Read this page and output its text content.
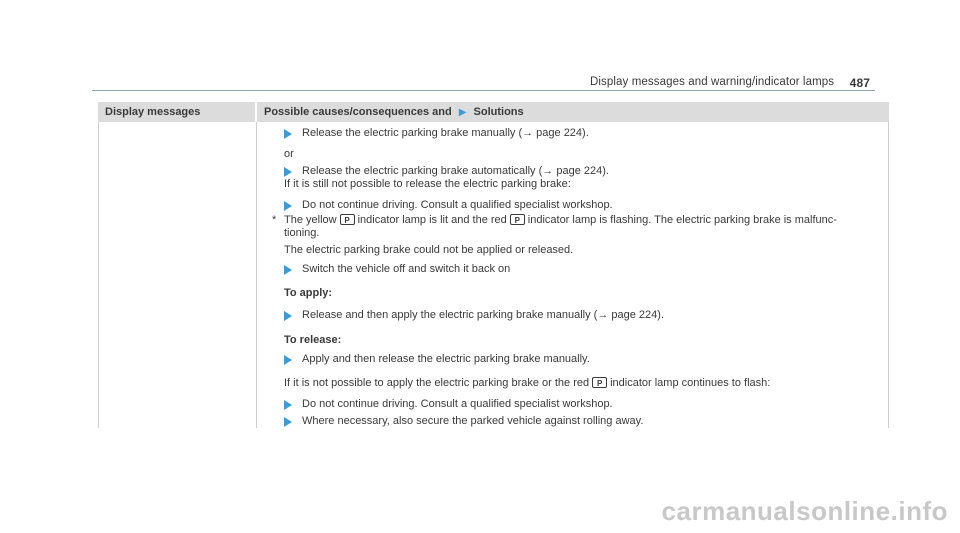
Display messages and warning/indicator lamps 487
Display messages	Possible causes/consequences and ▶ Solutions
Release the electric parking brake manually (→ page 224).
or
Release the electric parking brake automatically (→ page 224).
If it is still not possible to release the electric parking brake:
Do not continue driving. Consult a qualified specialist workshop.
* The yellow P indicator lamp is lit and the red P indicator lamp is flashing. The electric parking brake is malfunc-
tioning.
The electric parking brake could not be applied or released.
Switch the vehicle off and switch it back on
To apply:
Release and then apply the electric parking brake manually (→ page 224).
To release:
Apply and then release the electric parking brake manually.
If it is not possible to apply the electric parking brake or the red P indicator lamp continues to flash:
Do not continue driving. Consult a qualified specialist workshop.
Where necessary, also secure the parked vehicle against rolling away.
carmanualsonline.info
